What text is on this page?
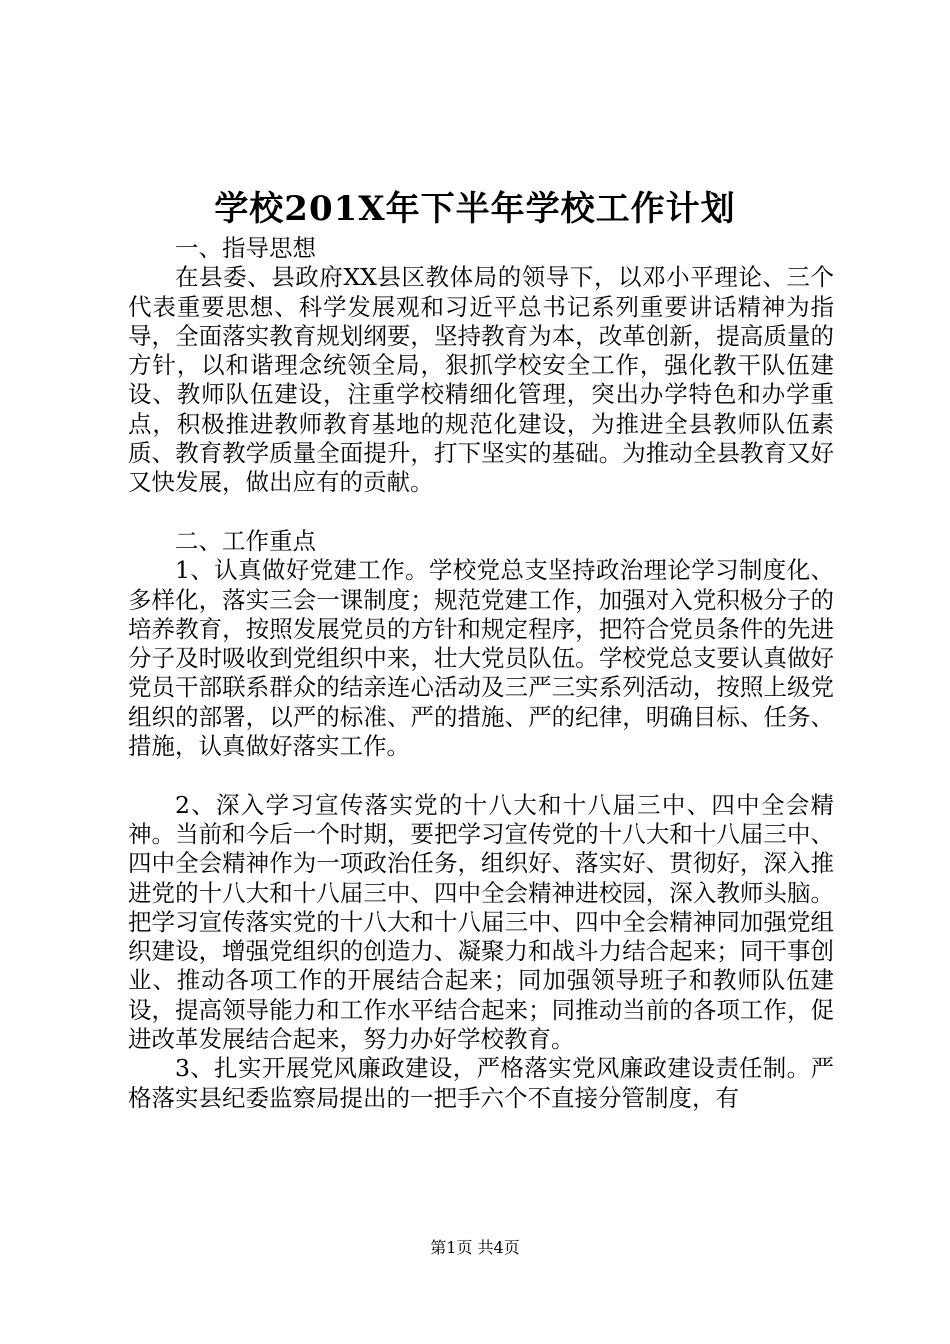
学校201X年下半年学校工作计划

一、指导思想

在县委、县政府XX县区教体局的领导下，以邓小平理论、三个代表重要思想、科学发展观和习近平总书记系列重要讲话精神为指导，全面落实教育规划纲要，坚持教育为本，改革创新，提高质量的方针，以和谐理念统领全局，狠抓学校安全工作，强化教干队伍建设、教师队伍建设，注重学校精细化管理，突出办学特色和办学重点，积极推进教师教育基地的规范化建设，为推进全县教师队伍素质、教育教学质量全面提升，打下坚实的基础。为推动全县教育又好又快发展，做出应有的贡献。

二、工作重点

1、认真做好党建工作。学校党总支坚持政治理论学习制度化、多样化，落实三会一课制度；规范党建工作，加强对入党积极分子的培养教育，按照发展党员的方针和规定程序，把符合党员条件的先进分子及时吸收到党组织中来，壮大党员队伍。学校党总支要认真做好党员干部联系群众的结亲连心活动及三严三实系列活动，按照上级党组织的部署，以严的标准、严的措施、严的纪律，明确目标、任务、措施，认真做好落实工作。

2、深入学习宣传落实党的十八大和十八届三中、四中全会精神。当前和今后一个时期，要把学习宣传党的十八大和十八届三中、四中全会精神作为一项政治任务，组织好、落实好、贯彻好，深入推进党的十八大和十八届三中、四中全会精神进校园，深入教师头脑。把学习宣传落实党的十八大和十八届三中、四中全会精神同加强党组织建设，增强党组织的创造力、凝聚力和战斗力结合起来；同干事创业、推动各项工作的开展结合起来；同加强领导班子和教师队伍建设，提高领导能力和工作水平结合起来；同推动当前的各项工作，促进改革发展结合起来，努力办好学校教育。

3、扎实开展党风廉政建设，严格落实党风廉政建设责任制。严格落实县纪委监察局提出的一把手六个不直接分管制度，有

第1页 共4页
